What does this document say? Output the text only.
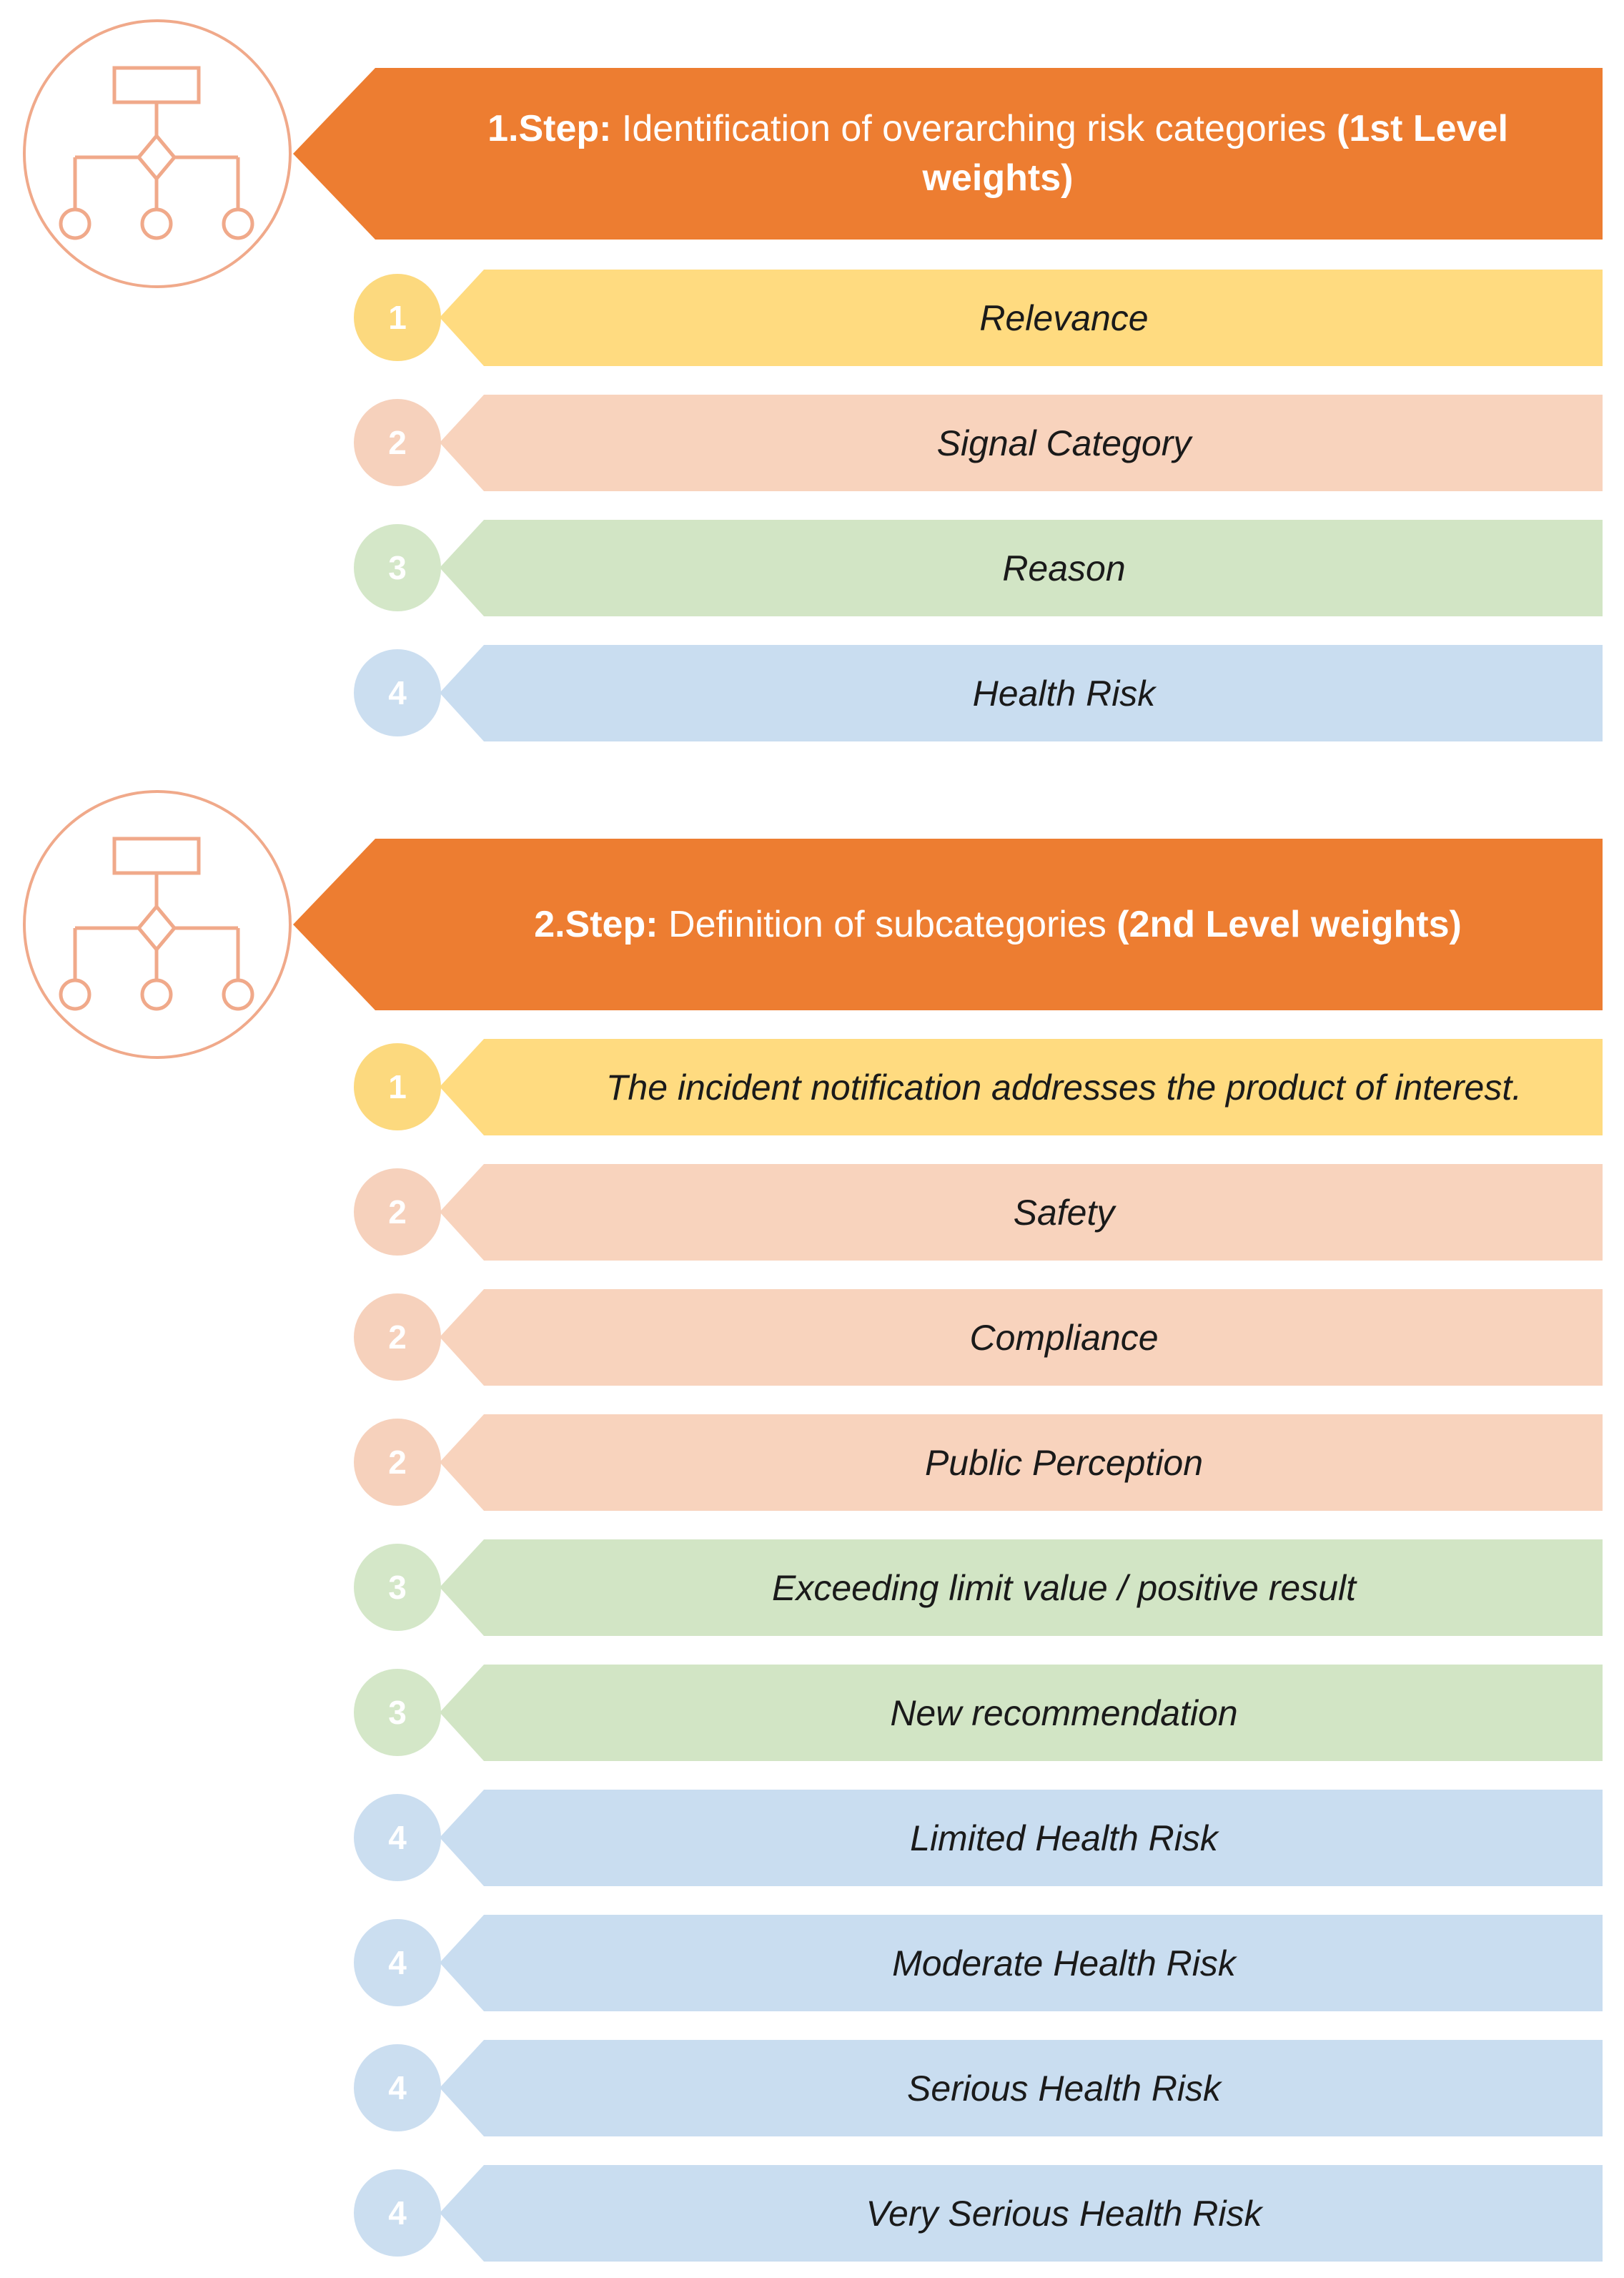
1.Step: Identification of overarching risk categories (1st Level weights)
1	Relevance
2	Signal Category
3	Reason
4	Health Risk
2.Step: Definition of subcategories (2nd Level weights)
1	The incident notification addresses the product of interest.
2	Safety
2	Compliance
2	Public Perception
3	Exceeding limit value / positive result
3	New recommendation
4	Limited Health Risk
4	Moderate Health Risk
4	Serious Health Risk
4	Very Serious Health Risk
